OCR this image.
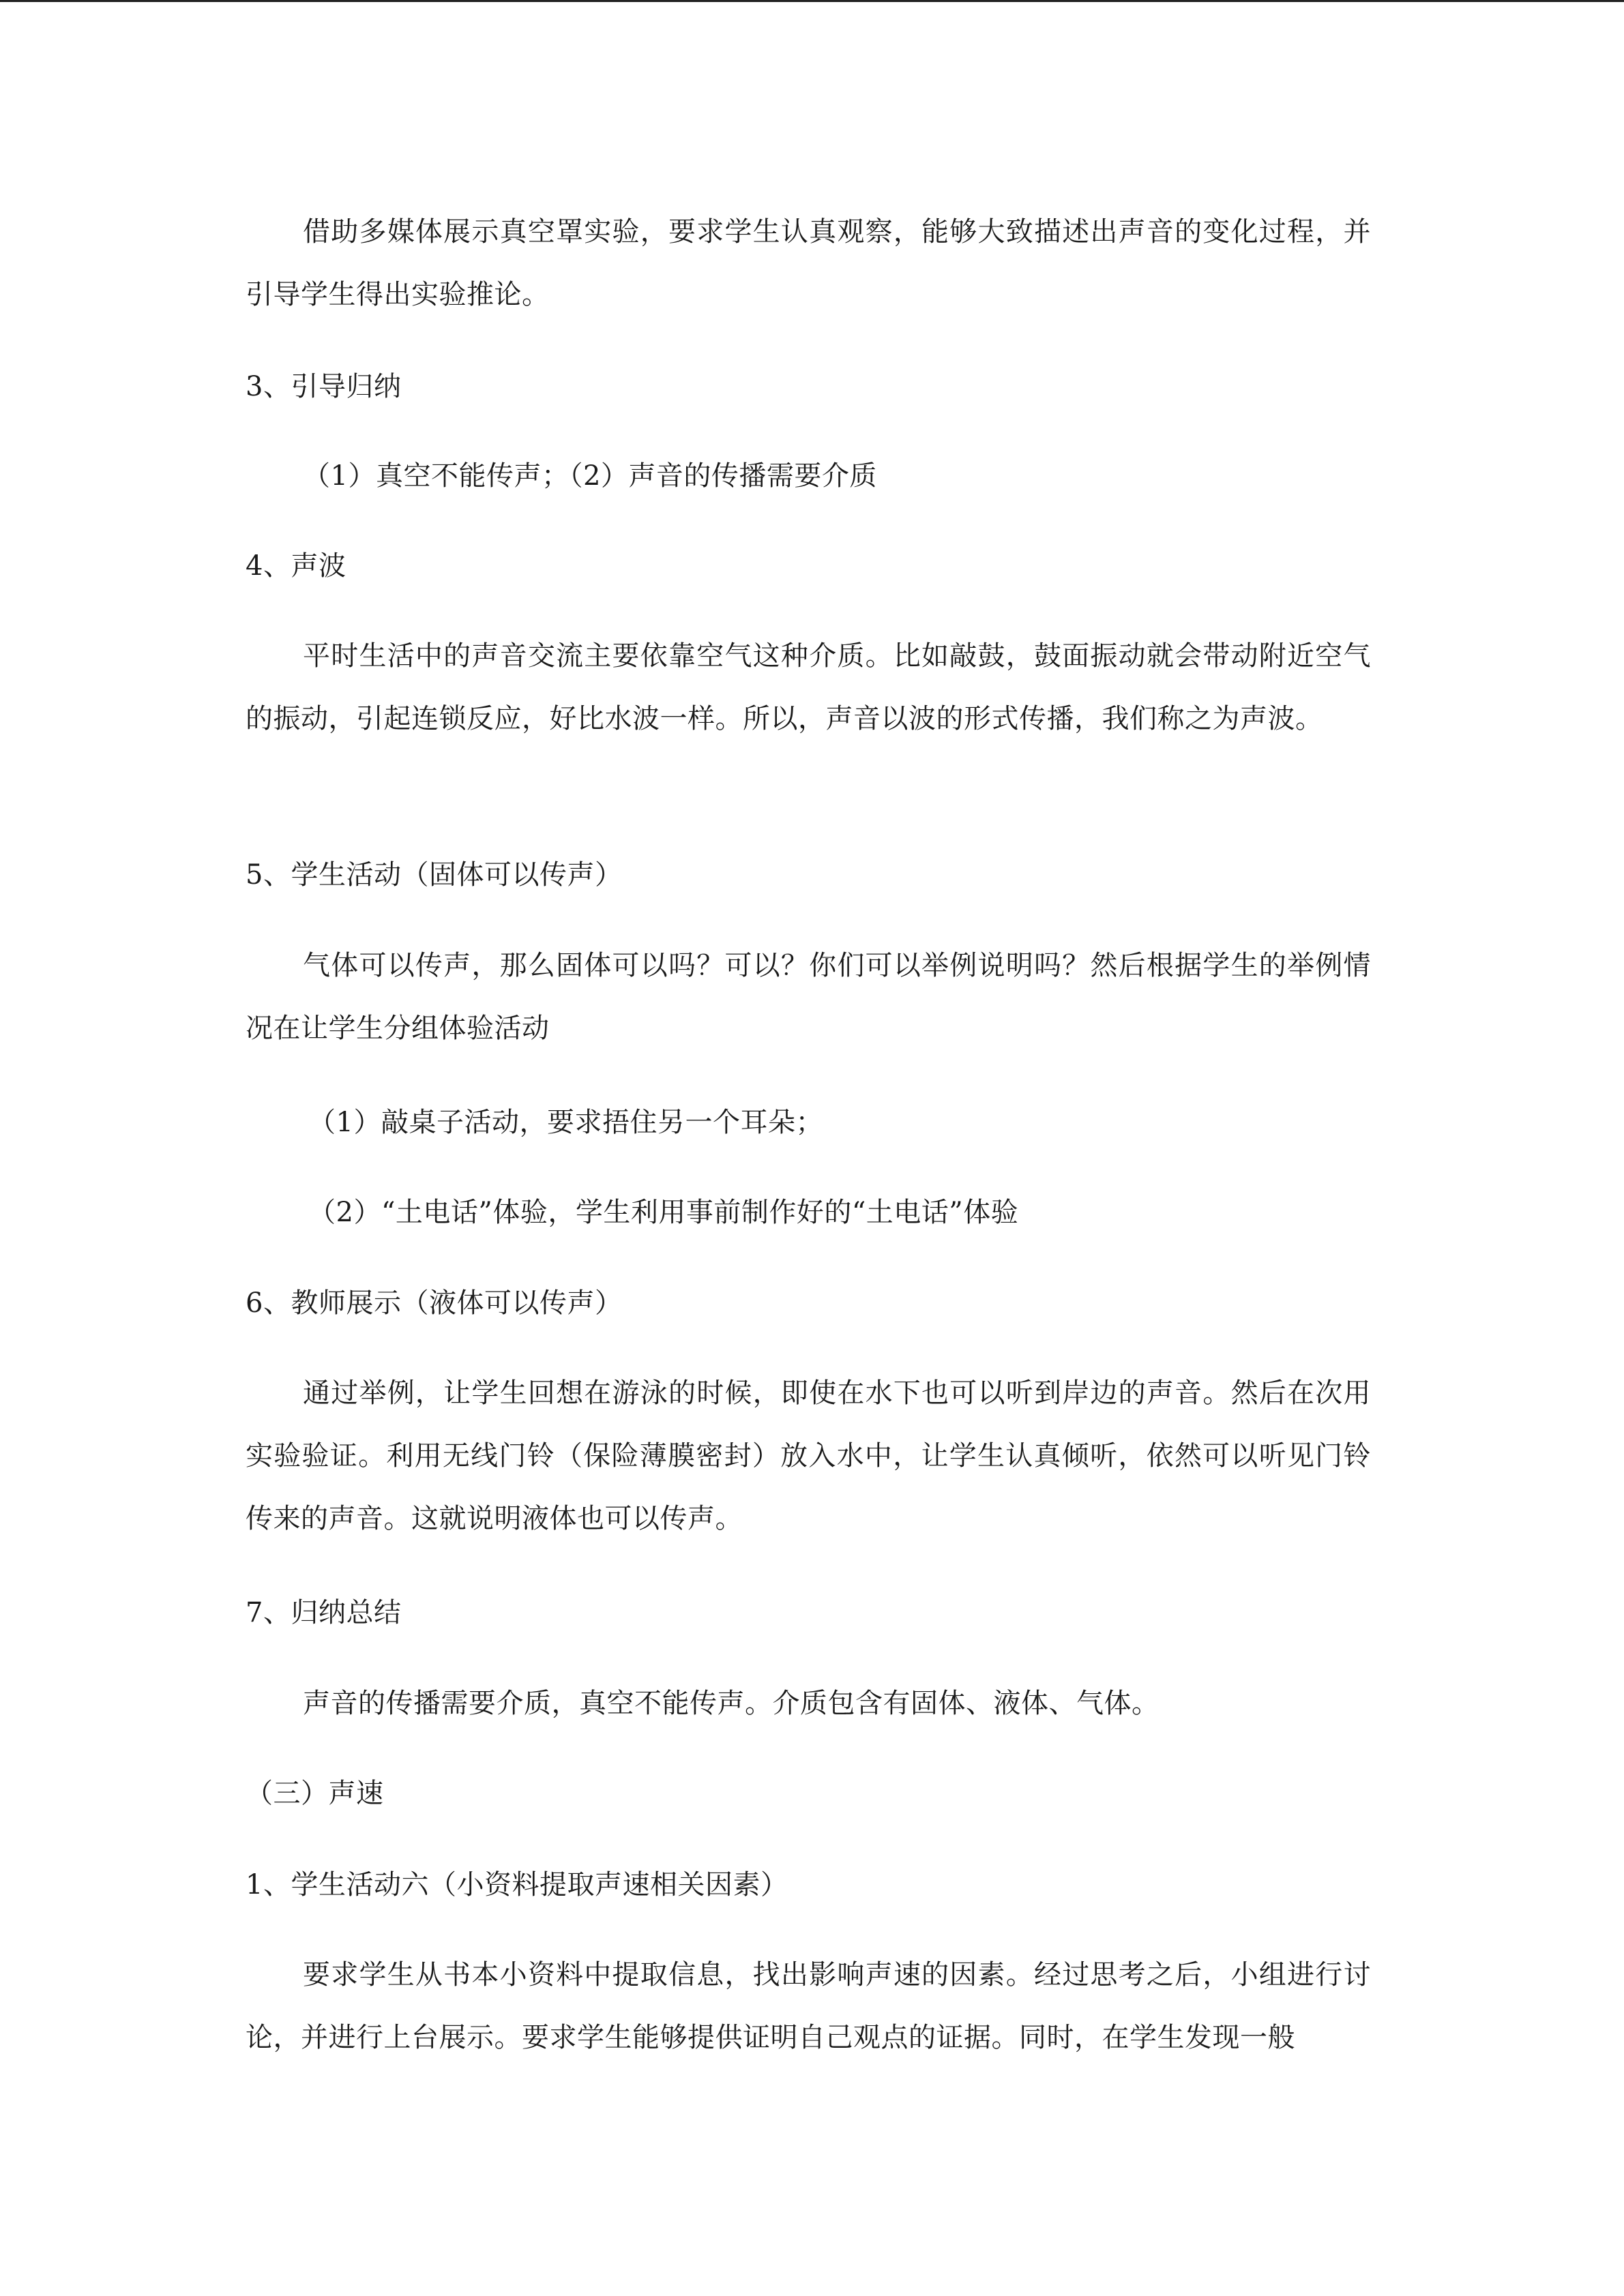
借助多媒体展示真空罩实验，要求学生认真观察，能够大致描述出声音的变化过程，并引导学生得出实验推论。
3、引导归纳
（1）真空不能传声；（2）声音的传播需要介质
4、声波
平时生活中的声音交流主要依靠空气这种介质。比如敲鼓，鼓面振动就会带动附近空气的振动，引起连锁反应，好比水波一样。所以，声音以波的形式传播，我们称之为声波。
5、学生活动（固体可以传声）
气体可以传声，那么固体可以吗？可以？你们可以举例说明吗？然后根据学生的举例情况在让学生分组体验活动
（1）敲桌子活动，要求捂住另一个耳朵；
（2）“土电话”体验，学生利用事前制作好的“土电话”体验
6、教师展示（液体可以传声）
通过举例，让学生回想在游泳的时候，即使在水下也可以听到岸边的声音。然后在次用实验验证。利用无线门铃（保险薄膜密封）放入水中，让学生认真倾听，依然可以听见门铃传来的声音。这就说明液体也可以传声。
7、归纳总结
声音的传播需要介质，真空不能传声。介质包含有固体、液体、气体。
（三）声速
1、学生活动六（小资料提取声速相关因素）
要求学生从书本小资料中提取信息，找出影响声速的因素。经过思考之后，小组进行讨论，并进行上台展示。要求学生能够提供证明自己观点的证据。同时，在学生发现一般
